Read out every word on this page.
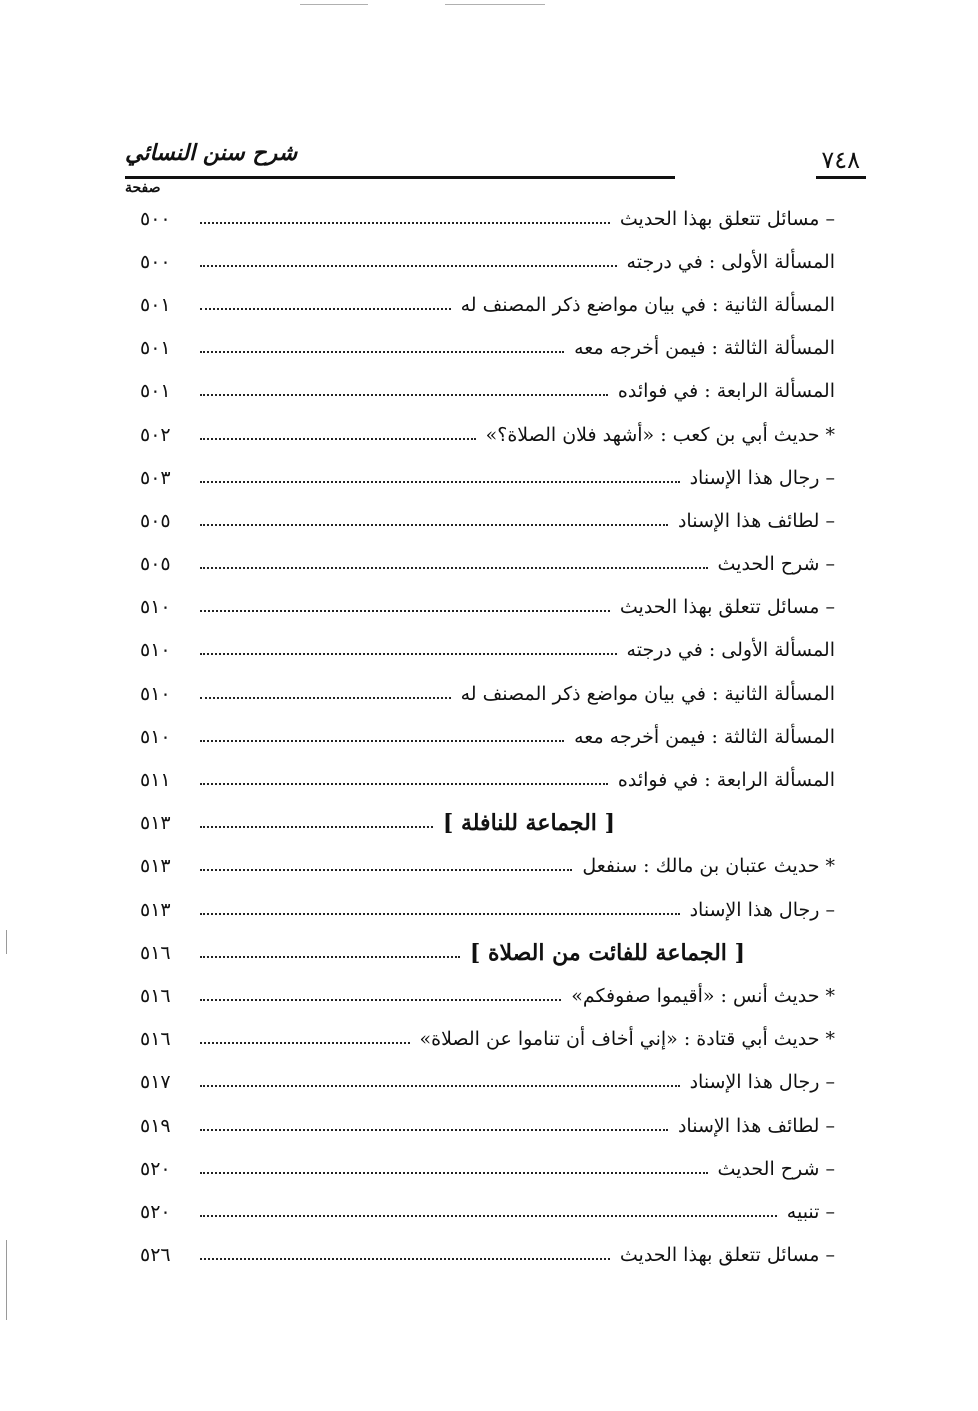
٧٤٨
شرح سنن النسائي
صفحة
– مسائل تتعلق بهذا الحديث
٥٠٠
المسألة الأولى : في درجته
٥٠٠
المسألة الثانية : في بيان مواضع ذكر المصنف له
٥٠١
المسألة الثالثة : فيمن أخرجه معه
٥٠١
المسألة الرابعة : في فوائده
٥٠١
* حديث أبي بن كعب : «أشهد فلان الصلاة؟»
٥٠٢
– رجال هذا الإسناد
٥٠٣
– لطائف هذا الإسناد
٥٠٥
– شرح الحديث
٥٠٥
– مسائل تتعلق بهذا الحديث
٥١٠
المسألة الأولى : في درجته
٥١٠
المسألة الثانية : في بيان مواضع ذكر المصنف له
٥١٠
المسألة الثالثة : فيمن أخرجه معه
٥١٠
المسألة الرابعة : في فوائده
٥١١
[ الجماعة للنافلة ]
٥١٣
* حديث عتبان بن مالك : سنفعل
٥١٣
– رجال هذا الإسناد
٥١٣
[ الجماعة للفائت من الصلاة ]
٥١٦
* حديث أنس : «أقيموا صفوفكم»
٥١٦
* حديث أبي قتادة : «إني أخاف أن تناموا عن الصلاة»
٥١٦
– رجال هذا الإسناد
٥١٧
– لطائف هذا الإسناد
٥١٩
– شرح الحديث
٥٢٠
– تنبيه
٥٢٠
– مسائل تتعلق بهذا الحديث
٥٢٦
